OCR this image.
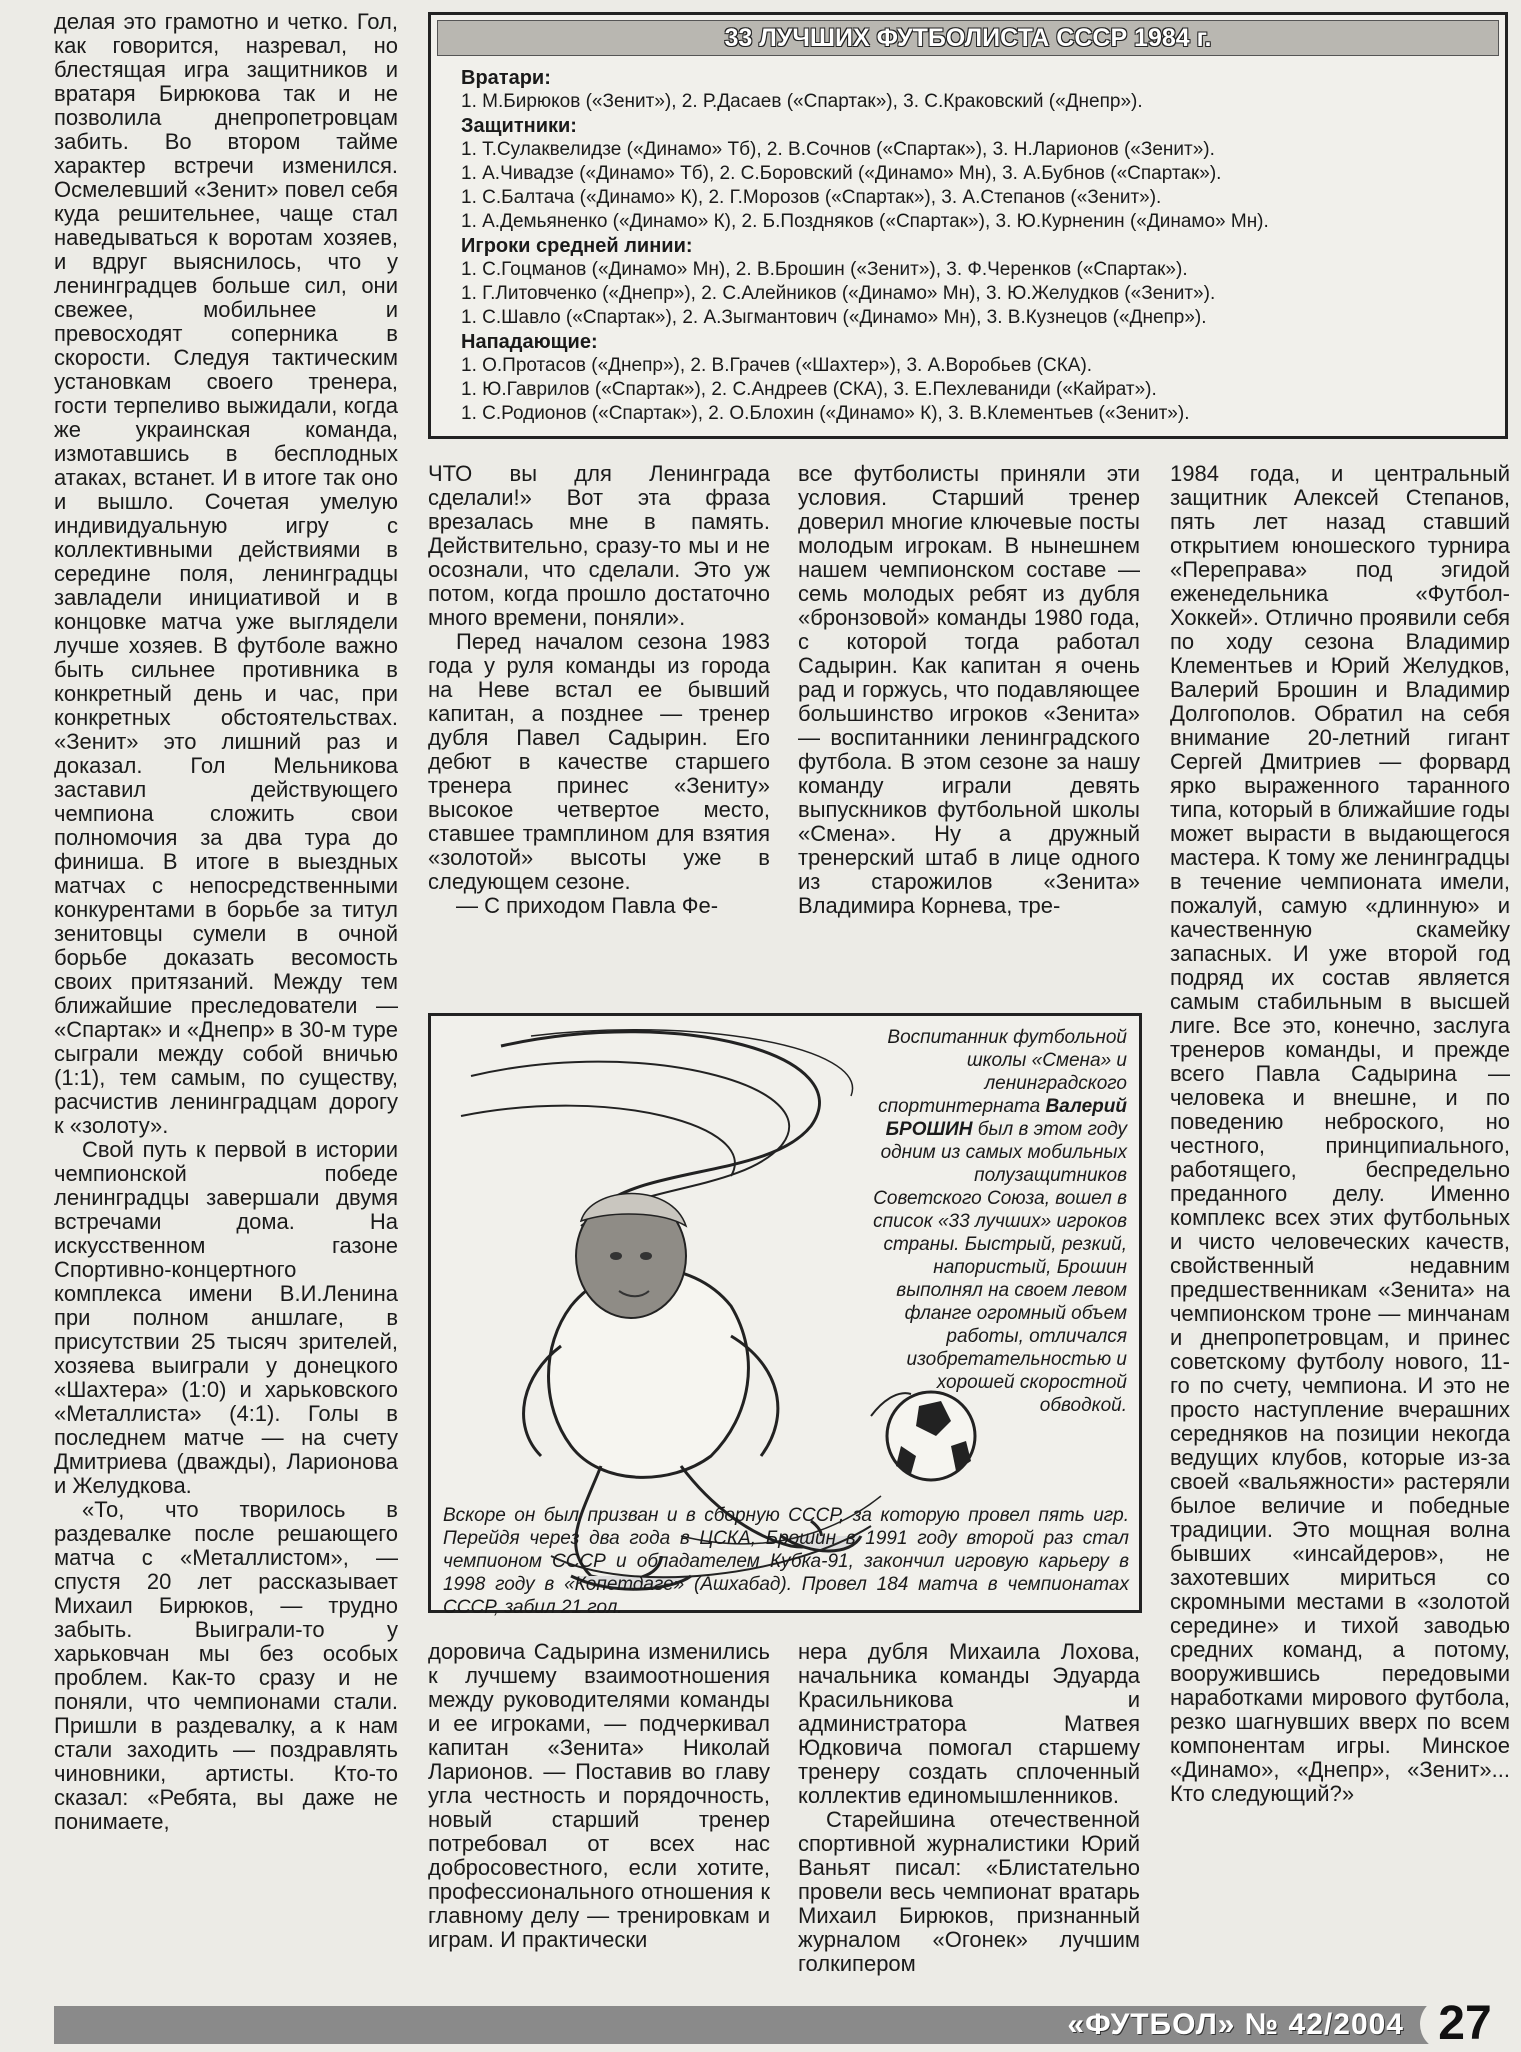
33 ЛУЧШИХ ФУТБОЛИСТА СССР 1984 г.
Вратари:
1. М.Бирюков («Зенит»), 2. Р.Дасаев («Спартак»), 3. С.Краковский («Днепр»).
Защитники:
1. Т.Сулаквелидзе («Динамо» Тб), 2. В.Сочнов («Спартак»), 3. Н.Ларионов («Зенит»).
1. А.Чивадзе («Динамо» Тб), 2. С.Боровский («Динамо» Мн), 3. А.Бубнов («Спартак»).
1. С.Балтача («Динамо» К), 2. Г.Морозов («Спартак»), 3. А.Степанов («Зенит»).
1. А.Демьяненко («Динамо» К), 2. Б.Поздняков («Спартак»), 3. Ю.Курненин («Динамо» Мн).
Игроки средней линии:
1. С.Гоцманов («Динамо» Мн), 2. В.Брошин («Зенит»), 3. Ф.Черенков («Спартак»).
1. Г.Литовченко («Днепр»), 2. С.Алейников («Динамо» Мн), 3. Ю.Желудков («Зенит»).
1. С.Шавло («Спартак»), 2. А.Зыгмантович («Динамо» Мн), 3. В.Кузнецов («Днепр»).
Нападающие:
1. О.Протасов («Днепр»), 2. В.Грачев («Шахтер»), 3. А.Воробьев (СКА).
1. Ю.Гаврилов («Спартак»), 2. С.Андреев (СКА), 3. Е.Пехлеваниди («Кайрат»).
1. С.Родионов («Спартак»), 2. О.Блохин («Динамо» К), 3. В.Клементьев («Зенит»).

делая это грамотно и четко. Гол, как говорится, назревал, но блестящая игра защитников и вратаря Бирюкова так и не позволила днепропетровцам забить. Во втором тайме характер встречи изменился. Осмелевший «Зенит» повел себя куда решительнее, чаще стал наведываться к воротам хозяев, и вдруг выяснилось, что у ленинградцев больше сил, они свежее, мобильнее и превосходят соперника в скорости. Следуя тактическим установкам своего тренера, гости терпеливо выжидали, когда же украинская команда, измотавшись в бесплодных атаках, встанет. И в итоге так оно и вышло. Сочетая умелую индивидуальную игру с коллективными действиями в середине поля, ленинградцы завладели инициативой и в концовке матча уже выглядели лучше хозяев. В футболе важно быть сильнее противника в конкретный день и час, при конкретных обстоятельствах. «Зенит» это лишний раз и доказал. Гол Мельникова заставил действующего чемпиона сложить свои полномочия за два тура до финиша. В итоге в выездных матчах с непосредственными конкурентами в борьбе за титул зенитовцы сумели в очной борьбе доказать весомость своих притязаний. Между тем ближайшие преследователи — «Спартак» и «Днепр» в 30-м туре сыграли между собой вничью (1:1), тем самым, по существу, расчистив ленинградцам дорогу к «золоту».

Свой путь к первой в истории чемпионской победе ленинградцы завершали двумя встречами дома. На искусственном газоне Спортивно-концертного комплекса имени В.И.Ленина при полном аншлаге, в присутствии 25 тысяч зрителей, хозяева выиграли у донецкого «Шахтера» (1:0) и харьковского «Металлиста» (4:1). Голы в последнем матче — на счету Дмитриева (дважды), Ларионова и Желудкова.

«То, что творилось в раздевалке после решающего матча с «Металлистом», — спустя 20 лет рассказывает Михаил Бирюков, — трудно забыть. Выиграли-то у харьковчан мы без особых проблем. Как-то сразу и не поняли, что чемпионами стали. Пришли в раздевалку, а к нам стали заходить — поздравлять чиновники, артисты. Кто-то сказал: «Ребята, вы даже не понимаете,

ЧТО вы для Ленинграда сделали!» Вот эта фраза врезалась мне в память. Действительно, сразу-то мы и не осознали, что сделали. Это уж потом, когда прошло достаточно много времени, поняли».

Перед началом сезона 1983 года у руля команды из города на Неве встал ее бывший капитан, а позднее — тренер дубля Павел Садырин. Его дебют в качестве старшего тренера принес «Зениту» высокое четвертое место, ставшее трамплином для взятия «золотой» высоты уже в следующем сезоне.

— С приходом Павла Фе-

все футболисты приняли эти условия. Старший тренер доверил многие ключевые посты молодым игрокам. В нынешнем нашем чемпионском составе — семь молодых ребят из дубля «бронзовой» команды 1980 года, с которой тогда работал Садырин. Как капитан я очень рад и горжусь, что подавляющее большинство игроков «Зенита» — воспитанники ленинградского футбола. В этом сезоне за нашу команду играли девять выпускников футбольной школы «Смена». Ну а дружный тренерский штаб в лице одного из старожилов «Зенита» Владимира Корнева, тре-

1984 года, и центральный защитник Алексей Степанов, пять лет назад ставший открытием юношеского турнира «Переправа» под эгидой еженедельника «Футбол-Хоккей». Отлично проявили себя по ходу сезона Владимир Клементьев и Юрий Желудков, Валерий Брошин и Владимир Долгополов. Обратил на себя внимание 20-летний гигант Сергей Дмитриев — форвард ярко выраженного таранного типа, который в ближайшие годы может вырасти в выдающегося мастера. К тому же ленинградцы в течение чемпионата имели, пожалуй, самую «длинную» и качественную скамейку запасных. И уже второй год подряд их состав является самым стабильным в высшей лиге. Все это, конечно, заслуга тренеров команды, и прежде всего Павла Садырина — человека и внешне, и по поведению неброского, но честного, принципиального, работящего, беспредельно преданного делу. Именно комплекс всех этих футбольных и чисто человеческих качеств, свойственный недавним предшественникам «Зенита» на чемпионском троне — минчанам и днепропетровцам, и принес советскому футболу нового, 11-го по счету, чемпиона. И это не просто наступление вчерашних середняков на позиции некогда ведущих клубов, которые из-за своей «вальяжности» растеряли былое величие и победные традиции. Это мощная волна бывших «инсайдеров», не захотевших мириться со скромными местами в «золотой середине» и тихой заводью средних команд, а потому, вооружившись передовыми наработками мирового футбола, резко шагнувших вверх по всем компонентам игры. Минское «Динамо», «Днепр», «Зенит»... Кто следующий?»

Воспитанник футбольной школы «Смена» и ленинградского спортинтерната Валерий БРОШИН был в этом году одним из самых мобильных полузащитников Советского Союза, вошел в список «33 лучших» игроков страны. Быстрый, резкий, напористый, Брошин выполнял на своем левом фланге огромный объем работы, отличался изобретательностью и хорошей скоростной обводкой.
Вскоре он был призван и в сборную СССР, за которую провел пять игр. Перейдя через два года в ЦСКА, Брошин в 1991 году второй раз стал чемпионом СССР и обладателем Кубка-91, закончил игровую карьеру в 1998 году в «Копетдаге» (Ашхабад). Провел 184 матча в чемпионатах СССР, забил 21 гол.

доровича Садырина изменились к лучшему взаимоотношения между руководителями команды и ее игроками, — подчеркивал капитан «Зенита» Николай Ларионов. — Поставив во главу угла честность и порядочность, новый старший тренер потребовал от всех нас добросовестного, если хотите, профессионального отношения к главному делу — тренировкам и играм. И практически

нера дубля Михаила Лохова, начальника команды Эдуарда Красильникова и администратора Матвея Юдковича помогал старшему тренеру создать сплоченный коллектив единомышленников.

Старейшина отечественной спортивной журналистики Юрий Ваньят писал: «Блистательно провели весь чемпионат вратарь Михаил Бирюков, признанный журналом «Огонек» лучшим голкипером

«ФУТБОЛ» № 42/2004 27
